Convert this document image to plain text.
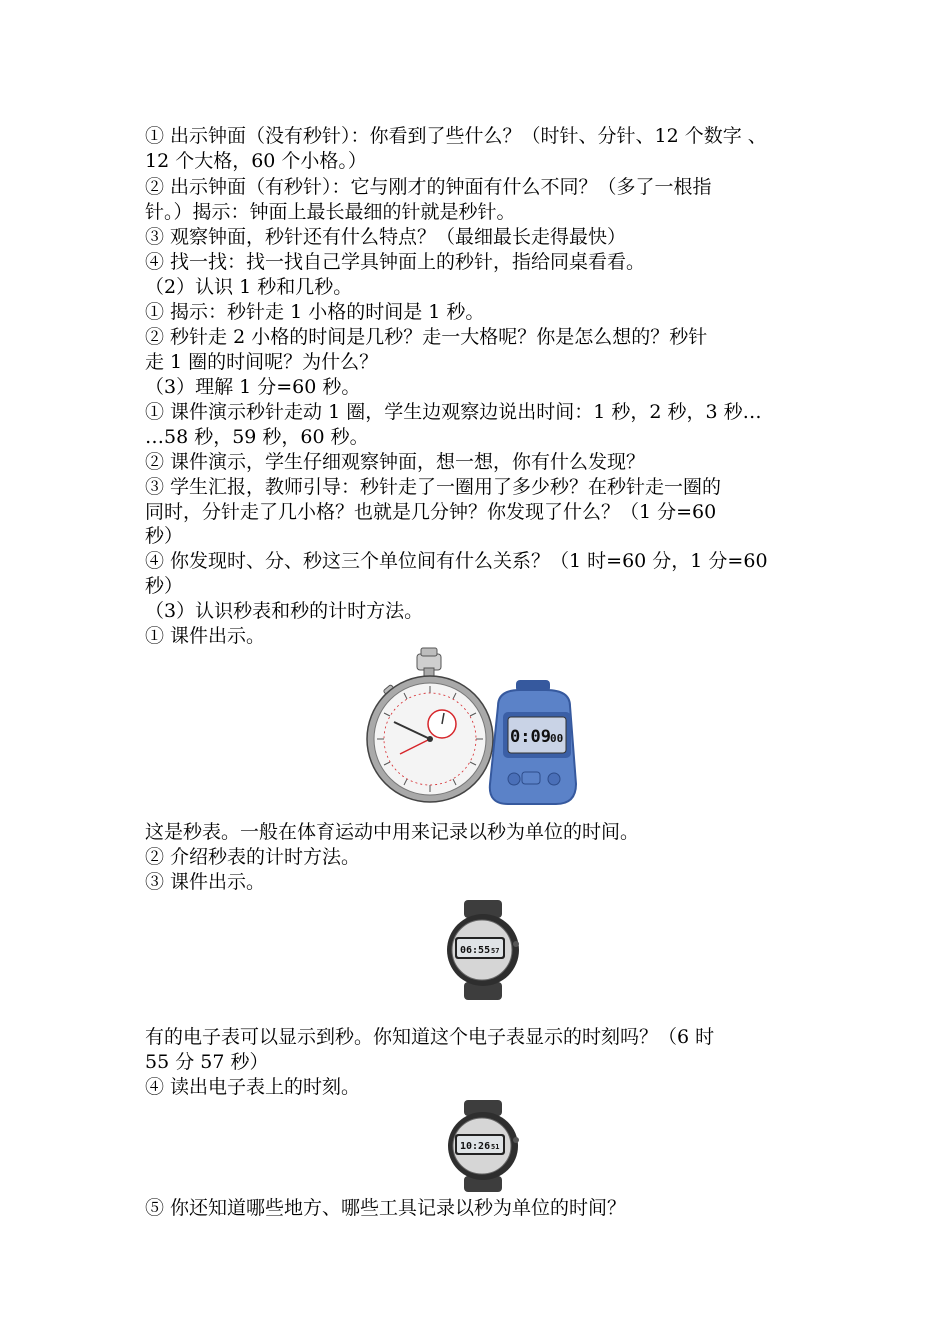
① 出示钟面（没有秒针）：你看到了些什么？（时针、分针、12 个数字 、
12 个大格，60 个小格。）
② 出示钟面（有秒针）：它与刚才的钟面有什么不同？（多了一根指
针。）揭示：钟面上最长最细的针就是秒针。
③ 观察钟面，秒针还有什么特点？（最细最长走得最快）
④ 找一找：找一找自己学具钟面上的秒针，指给同桌看看。
（2）认识 1 秒和几秒。
① 揭示：秒针走 1 小格的时间是 1 秒。
② 秒针走 2 小格的时间是几秒？走一大格呢？你是怎么想的？秒针
走 1 圈的时间呢？为什么？
（3）理解 1 分=60 秒。
① 课件演示秒针走动 1 圈，学生边观察边说出时间：1 秒，2 秒，3 秒…
…58 秒，59 秒，60 秒。
② 课件演示，学生仔细观察钟面，想一想，你有什么发现？
③ 学生汇报，教师引导：秒针走了一圈用了多少秒？在秒针走一圈的
同时，分针走了几小格？也就是几分钟？你发现了什么？（1 分=60
秒）
④ 你发现时、分、秒这三个单位间有什么关系？（1 时=60 分，1 分=60
秒）
（3）认识秒表和秒的计时方法。
① 课件出示。
0:09 00
这是秒表。一般在体育运动中用来记录以秒为单位的时间。
② 介绍秒表的计时方法。
③ 课件出示。
06:55 57
有的电子表可以显示到秒。你知道这个电子表显示的时刻吗？（6 时
55 分 57 秒）
④ 读出电子表上的时刻。
10:26 51
⑤ 你还知道哪些地方、哪些工具记录以秒为单位的时间？
